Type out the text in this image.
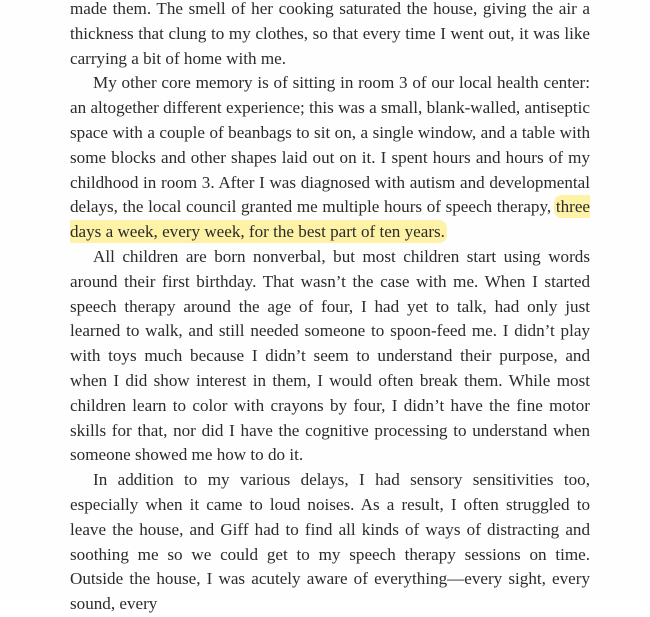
made them. The smell of her cooking saturated the house, giving the air a thickness that clung to my clothes, so that every time I went out, it was like carrying a bit of home with me.

My other core memory is of sitting in room 3 of our local health center: an altogether different experience; this was a small, blank-walled, antiseptic space with a couple of beanbags to sit on, a single window, and a table with some blocks and other shapes laid out on it. I spent hours and hours of my childhood in room 3. After I was diagnosed with autism and developmental delays, the local council granted me multiple hours of speech therapy, three days a week, every week, for the best part of ten years.

All children are born nonverbal, but most children start using words around their first birthday. That wasn’t the case with me. When I started speech therapy around the age of four, I had yet to talk, had only just learned to walk, and still needed someone to spoon-feed me. I didn’t play with toys much because I didn’t seem to understand their purpose, and when I did show interest in them, I would often break them. While most children learn to color with crayons by four, I didn’t have the fine motor skills for that, nor did I have the cognitive processing to understand when someone showed me how to do it.

In addition to my various delays, I had sensory sensitivities too, especially when it came to loud noises. As a result, I often struggled to leave the house, and Giff had to find all kinds of ways of distracting and soothing me so we could get to my speech therapy sessions on time. Outside the house, I was acutely aware of everything—every sight, every sound, every
